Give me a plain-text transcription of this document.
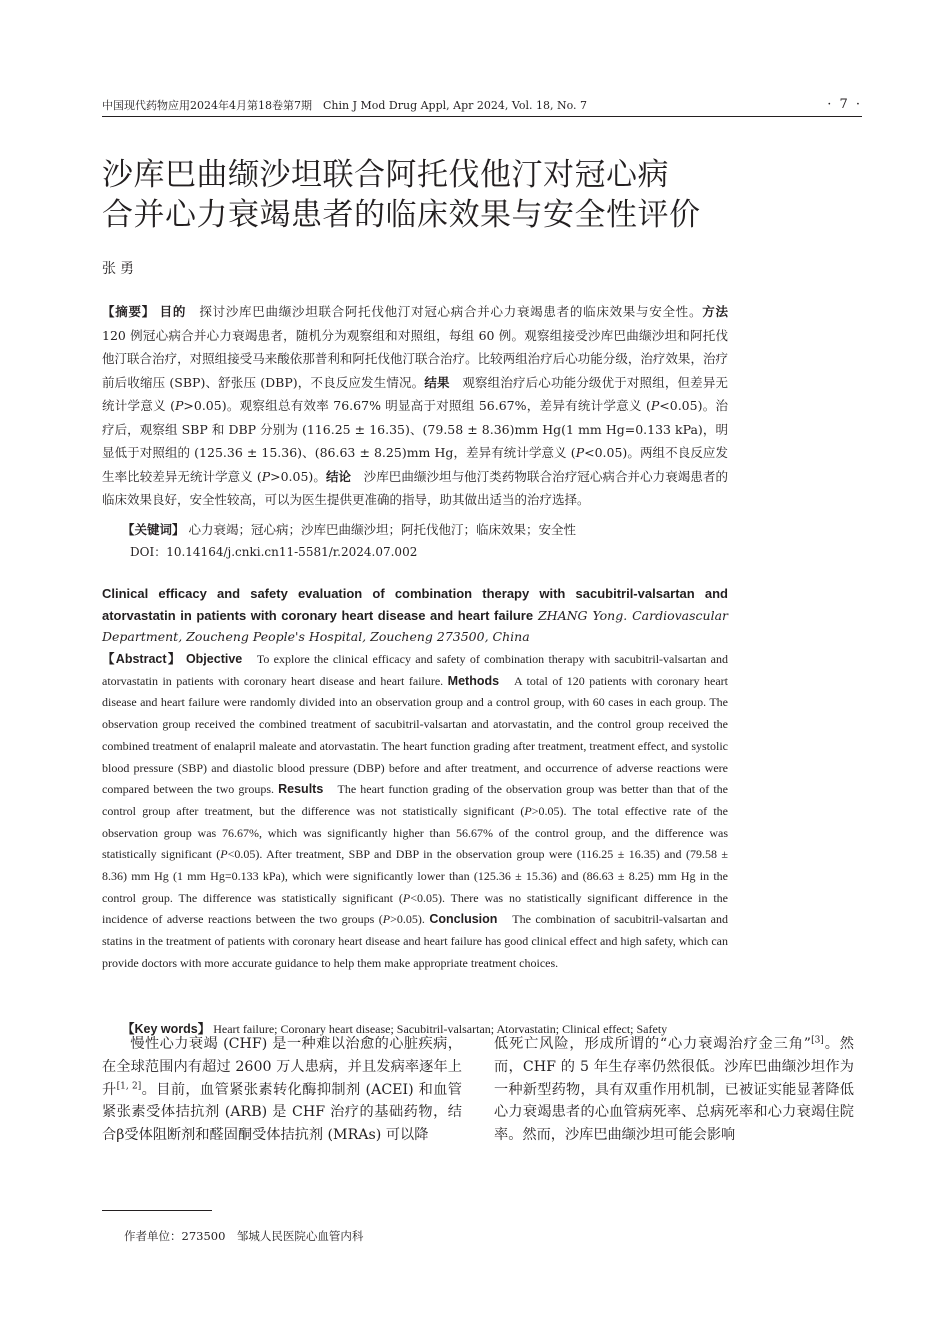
中国现代药物应用2024年4月第18卷第7期　Chin J Mod Drug Appl, Apr 2024, Vol. 18, No. 7	· 7 ·
沙库巴曲缬沙坦联合阿托伐他汀对冠心病
合并心力衰竭患者的临床效果与安全性评价
张勇
【摘要】 目的　 探讨沙库巴曲缬沙坦联合阿托伐他汀对冠心病合并心力衰竭患者的临床效果与安全性。方法　120 例冠心病合并心力衰竭患者，随机分为观察组和对照组，每组 60 例。观察组接受沙库巴曲缬沙坦和阿托伐他汀联合治疗，对照组接受马来酸依那普利和阿托伐他汀联合治疗。比较两组治疗后心功能分级，治疗效果，治疗前后收缩压 (SBP)、舒张压 (DBP)，不良反应发生情况。结果　 观察组治疗后心功能分级优于对照组，但差异无统计学意义 (P>0.05)。观察组总有效率 76.67% 明显高于对照组 56.67%，差异有统计学意义 (P<0.05)。治疗后，观察组 SBP 和 DBP 分别为 (116.25 ± 16.35)、(79.58 ± 8.36)mm Hg(1 mm Hg=0.133 kPa)，明显低于对照组的 (125.36 ± 15.36)、(86.63 ± 8.25)mm Hg，差异有统计学意义 (P<0.05)。两组不良反应发生率比较差异无统计学意义 (P>0.05)。结论　 沙库巴曲缬沙坦与他汀类药物联合治疗冠心病合并心力衰竭患者的临床效果良好，安全性较高，可以为医生提供更准确的指导，助其做出适当的治疗选择。
【关键词】 心力衰竭；冠心病；沙库巴曲缬沙坦；阿托伐他汀；临床效果；安全性
DOI：10.14164/j.cnki.cn11-5581/r.2024.07.002
Clinical efficacy and safety evaluation of combination therapy with sacubitril-valsartan and atorvastatin in patients with coronary heart disease and heart failure ZHANG Yong. Cardiovascular Department, Zoucheng People's Hospital, Zoucheng 273500, China
【Abstract】 Objective　 To explore the clinical efficacy and safety of combination therapy with sacubitril-valsartan and atorvastatin in patients with coronary heart disease and heart failure. Methods　 A total of 120 patients with coronary heart disease and heart failure were randomly divided into an observation group and a control group, with 60 cases in each group. The observation group received the combined treatment of sacubitril-valsartan and atorvastatin, and the control group received the combined treatment of enalapril maleate and atorvastatin. The heart function grading after treatment, treatment effect, and systolic blood pressure (SBP) and diastolic blood pressure (DBP) before and after treatment, and occurrence of adverse reactions were compared between the two groups. Results　 The heart function grading of the observation group was better than that of the control group after treatment, but the difference was not statistically significant (P>0.05). The total effective rate of the observation group was 76.67%, which was significantly higher than 56.67% of the control group, and the difference was statistically significant (P<0.05). After treatment, SBP and DBP in the observation group were (116.25 ± 16.35) and (79.58 ± 8.36) mm Hg (1 mm Hg=0.133 kPa), which were significantly lower than (125.36 ± 15.36) and (86.63 ± 8.25) mm Hg in the control group. The difference was statistically significant (P<0.05). There was no statistically significant difference in the incidence of adverse reactions between the two groups (P>0.05). Conclusion　 The combination of sacubitril-valsartan and statins in the treatment of patients with coronary heart disease and heart failure has good clinical effect and high safety, which can provide doctors with more accurate guidance to help them make appropriate treatment choices.
【Key words】 Heart failure; Coronary heart disease; Sacubitril-valsartan; Atorvastatin; Clinical effect; Safety
慢性心力衰竭 (CHF) 是一种难以治愈的心脏疾病，在全球范围内有超过 2600 万人患病，并且发病率逐年上升[1, 2]。目前，血管紧张素转化酶抑制剂 (ACEI) 和血管紧张素受体拮抗剂 (ARB) 是 CHF 治疗的基础药物，结合β受体阻断剂和醛固酮受体拮抗剂 (MRAs) 可以降
低死亡风险，形成所谓的“心力衰竭治疗金三角”[3]。然而，CHF 的 5 年生存率仍然很低。沙库巴曲缬沙坦作为一种新型药物，具有双重作用机制，已被证实能显著降低心力衰竭患者的心血管病死率、总病死率和心力衰竭住院率。然而，沙库巴曲缬沙坦可能会影响
作者单位：273500　邹城人民医院心血管内科
